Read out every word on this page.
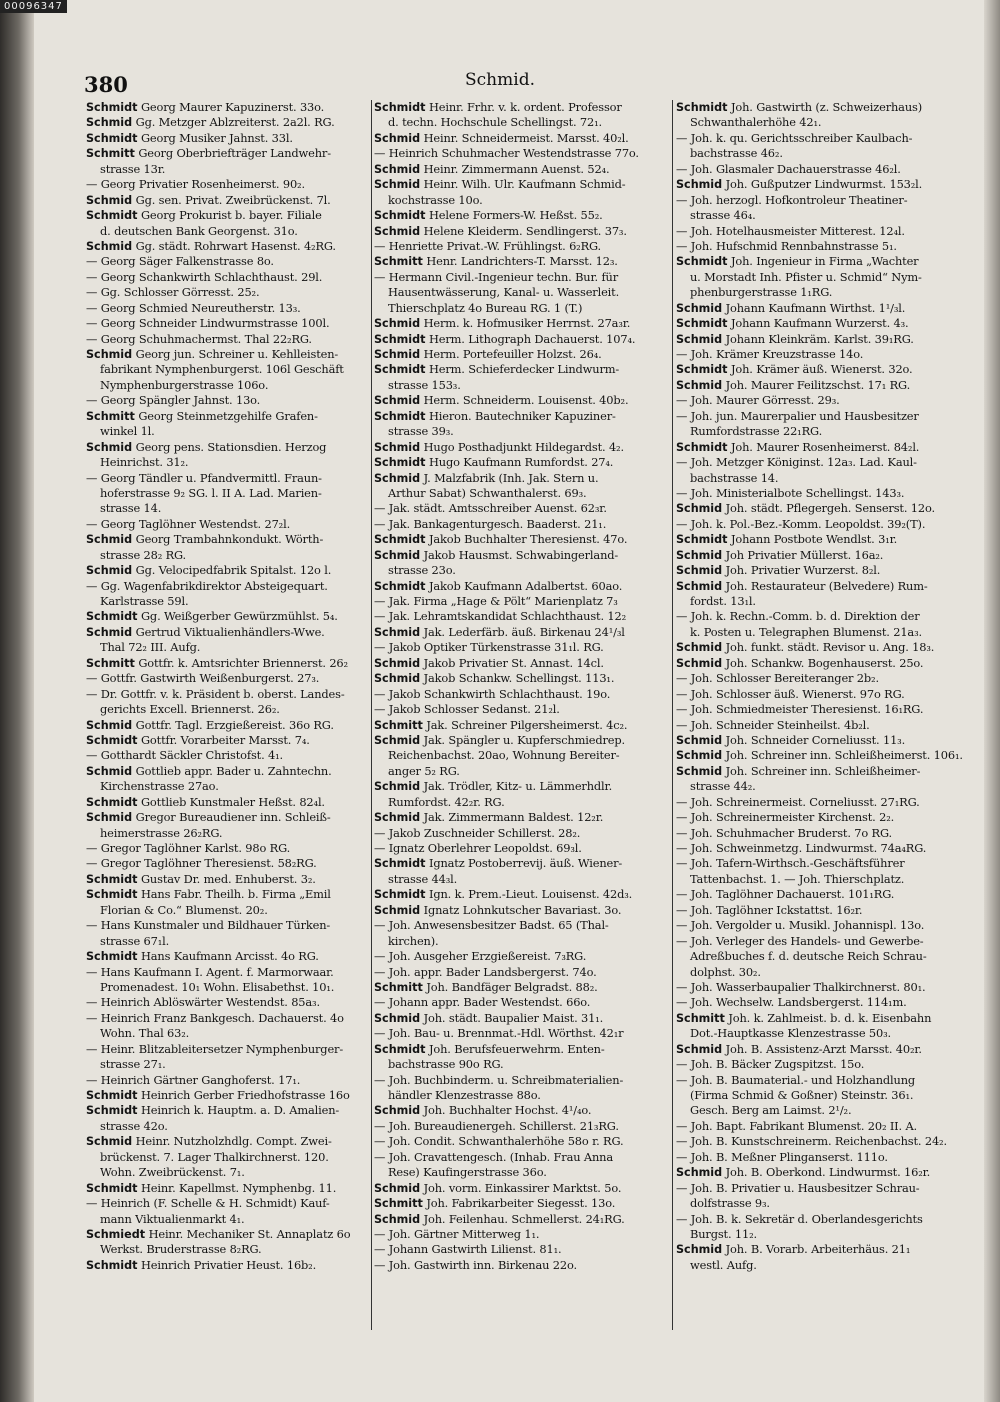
00096347
380	Schmid.
Schmidt Georg Maurer Kapuzinerst. 33o.
Schmid Gg. Metzger Ablzreiterst. 2a2l. RG.
Schmidt Georg Musiker Jahnst. 33l.
Schmitt Georg Oberbriefträger Landwehr-
strasse 13r.
— Georg Privatier Rosenheimerst. 90₂.
Schmid Gg. sen. Privat. Zweibrückenst. 7l.
Schmidt Georg Prokurist b. bayer. Filiale
d. deutschen Bank Georgenst. 31o.
Schmid Gg. städt. Rohrwart Hasenst. 4₂RG.
— Georg Säger Falkenstrasse 8o.
— Georg Schankwirth Schlachthaust. 29l.
— Gg. Schlosser Görresst. 25₂.
— Georg Schmied Neureutherstr. 13₃.
— Georg Schneider Lindwurmstrasse 100l.
— Georg Schuhmachermst. Thal 22₂RG.
Schmid Georg jun. Schreiner u. Kehlleisten-
fabrikant Nymphenburgerst. 106l Geschäft
Nymphenburgerstrasse 106o.
— Georg Spängler Jahnst. 13o.
Schmitt Georg Steinmetzgehilfe Grafen-
winkel 1l.
Schmid Georg pens. Stationsdien. Herzog
Heinrichst. 31₂.
— Georg Tändler u. Pfandvermittl. Fraun-
hoferstrasse 9₂ SG. l. II A. Lad. Marien-
strasse 14.
— Georg Taglöhner Westendst. 27₂l.
Schmid Georg Trambahnkondukt. Wörth-
strasse 28₂ RG.
Schmid Gg. Velocipedfabrik Spitalst. 12o l.
— Gg. Wagenfabrikdirektor Absteigequart.
Karlstrasse 59l.
Schmidt Gg. Weißgerber Gewürzmühlst. 5₄.
Schmid Gertrud Viktualienhändlers-Wwe.
Thal 72₂ III. Aufg.
Schmitt Gottfr. k. Amtsrichter Briennerst. 26₂
— Gottfr. Gastwirth Weißenburgerst. 27₃.
— Dr. Gottfr. v. k. Präsident b. oberst. Landes-
gerichts Excell. Briennerst. 26₂.
Schmid Gottfr. Tagl. Erzgießereist. 36o RG.
Schmidt Gottfr. Vorarbeiter Marsst. 7₄.
— Gotthardt Säckler Christofst. 4₁.
Schmid Gottlieb appr. Bader u. Zahntechn.
Kirchenstrasse 27ao.
Schmidt Gottlieb Kunstmaler Heßst. 82₄l.
Schmid Gregor Bureaudiener inn. Schleiß-
heimerstrasse 26₂RG.
— Gregor Taglöhner Karlst. 98o RG.
— Gregor Taglöhner Theresienst. 58₂RG.
Schmidt Gustav Dr. med. Enhuberst. 3₂.
Schmidt Hans Fabr. Theilh. b. Firma „Emil
Florian & Co.“ Blumenst. 20₂.
— Hans Kunstmaler und Bildhauer Türken-
strasse 67₁l.
Schmidt Hans Kaufmann Arcisst. 4o RG.
— Hans Kaufmann I. Agent. f. Marmorwaar.
Promenadest. 10₁ Wohn. Elisabethst. 10₁.
— Heinrich Ablöswärter Westendst. 85a₃.
— Heinrich Franz Bankgesch. Dachauerst. 4o
Wohn. Thal 63₂.
— Heinr. Blitzableitersetzer Nymphenburger-
strasse 27₁.
— Heinrich Gärtner Ganghoferst. 17₁.
Schmidt Heinrich Gerber Friedhofstrasse 16o
Schmidt Heinrich k. Hauptm. a. D. Amalien-
strasse 42o.
Schmid Heinr. Nutzholzhdlg. Compt. Zwei-
brückenst. 7. Lager Thalkirchnerst. 120.
Wohn. Zweibrückenst. 7₁.
Schmidt Heinr. Kapellmst. Nymphenbg. 11.
— Heinrich (F. Schelle & H. Schmidt) Kauf-
mann Viktualienmarkt 4₁.
Schmiedt Heinr. Mechaniker St. Annaplatz 6o
Werkst. Bruderstrasse 8₂RG.
Schmidt Heinrich Privatier Heust. 16b₂.
Schmidt Heinr. Frhr. v. k. ordent. Professor
d. techn. Hochschule Schellingst. 72₁.
Schmid Heinr. Schneidermeist. Marsst. 40₂l.
— Heinrich Schuhmacher Westendstrasse 77o.
Schmid Heinr. Zimmermann Auenst. 52₄.
Schmid Heinr. Wilh. Ulr. Kaufmann Schmid-
kochstrasse 10o.
Schmidt Helene Formers-W. Heßst. 55₂.
Schmid Helene Kleiderm. Sendlingerst. 37₃.
— Henriette Privat.-W. Frühlingst. 6₂RG.
Schmitt Henr. Landrichters-T. Marsst. 12₃.
— Hermann Civil.-Ingenieur techn. Bur. für
Hausentwässerung, Kanal- u. Wasserleit.
Thierschplatz 4o Bureau RG. 1 (T.)
Schmid Herm. k. Hofmusiker Herrnst. 27a₃r.
Schmidt Herm. Lithograph Dachauerst. 107₄.
Schmid Herm. Portefeuiller Holzst. 26₄.
Schmidt Herm. Schieferdecker Lindwurm-
strasse 153₃.
Schmid Herm. Schneiderm. Louisenst. 40b₂.
Schmidt Hieron. Bautechniker Kapuziner-
strasse 39₃.
Schmid Hugo Posthadjunkt Hildegardst. 4₂.
Schmidt Hugo Kaufmann Rumfordst. 27₄.
Schmid J. Malzfabrik (Inh. Jak. Stern u.
Arthur Sabat) Schwanthalerst. 69₃.
— Jak. städt. Amtsschreiber Auenst. 62₃r.
— Jak. Bankagenturgesch. Baaderst. 21₁.
Schmidt Jakob Buchhalter Theresienst. 47o.
Schmid Jakob Hausmst. Schwabingerland-
strasse 23o.
Schmidt Jakob Kaufmann Adalbertst. 60ao.
— Jak. Firma „Hage & Pölt“ Marienplatz 7₃
— Jak. Lehramtskandidat Schlachthaust. 12₂
Schmid Jak. Lederfärb. äuß. Birkenau 24¹/₃l
— Jakob Optiker Türkenstrasse 31₁l. RG.
Schmid Jakob Privatier St. Annast. 14cl.
Schmid Jakob Schankw. Schellingst. 113₁.
— Jakob Schankwirth Schlachthaust. 19o.
— Jakob Schlosser Sedanst. 21₂l.
Schmitt Jak. Schreiner Pilgersheimerst. 4c₂.
Schmid Jak. Spängler u. Kupferschmiedrep.
Reichenbachst. 20ao, Wohnung Bereiter-
anger 5₂ RG.
Schmid Jak. Trödler, Kitz- u. Lämmerhdlr.
Rumfordst. 42₂r. RG.
Schmid Jak. Zimmermann Baldest. 12₂r.
— Jakob Zuschneider Schillerst. 28₂.
— Ignatz Oberlehrer Leopoldst. 69₃l.
Schmidt Ignatz Postoberrevij. äuß. Wiener-
strasse 44₃l.
Schmidt Ign. k. Prem.-Lieut. Louisenst. 42d₃.
Schmid Ignatz Lohnkutscher Bavariast. 3o.
— Joh. Anwesensbesitzer Badst. 65 (Thal-
kirchen).
— Joh. Ausgeher Erzgießereist. 7₃RG.
— Joh. appr. Bader Landsbergerst. 74o.
Schmitt Joh. Bandfäger Belgradst. 88₂.
— Johann appr. Bader Westendst. 66o.
Schmid Joh. städt. Baupalier Maist. 31₁.
— Joh. Bau- u. Brennmat.-Hdl. Wörthst. 42₁r
Schmidt Joh. Berufsfeuerwehrm. Enten-
bachstrasse 90o RG.
— Joh. Buchbinderm. u. Schreibmaterialien-
händler Klenzestrasse 88o.
Schmid Joh. Buchhalter Hochst. 4¹/₄o.
— Joh. Bureaudienergeh. Schillerst. 21₃RG.
— Joh. Condit. Schwanthalerhöhe 58o r. RG.
— Joh. Cravattengesch. (Inhab. Frau Anna
Rese) Kaufingerstrasse 36o.
Schmid Joh. vorm. Einkassirer Marktst. 5o.
Schmitt Joh. Fabrikarbeiter Siegesst. 13o.
Schmid Joh. Feilenhau. Schmellerst. 24₁RG.
— Joh. Gärtner Mitterweg 1₁.
— Johann Gastwirth Lilienst. 81₁.
— Joh. Gastwirth inn. Birkenau 22o.
Schmidt Joh. Gastwirth (z. Schweizerhaus)
Schwanthalerhöhe 42₁.
— Joh. k. qu. Gerichtsschreiber Kaulbach-
bachstrasse 46₂.
— Joh. Glasmaler Dachauerstrasse 46₂l.
Schmid Joh. Gußputzer Lindwurmst. 153₂l.
— Joh. herzogl. Hofkontroleur Theatiner-
strasse 46₄.
— Joh. Hotelhausmeister Mitterest. 12₄l.
— Joh. Hufschmid Rennbahnstrasse 5₁.
Schmidt Joh. Ingenieur in Firma „Wachter
u. Morstadt Inh. Pfister u. Schmid“ Nym-
phenburgerstrasse 1₁RG.
Schmid Johann Kaufmann Wirthst. 1¹/₃l.
Schmidt Johann Kaufmann Wurzerst. 4₃.
Schmid Johann Kleinkräm. Karlst. 39₁RG.
— Joh. Krämer Kreuzstrasse 14o.
Schmidt Joh. Krämer äuß. Wienerst. 32o.
Schmid Joh. Maurer Feilitzschst. 17₁ RG.
— Joh. Maurer Görresst. 29₃.
— Joh. jun. Maurerpalier und Hausbesitzer
Rumfordstrasse 22₁RG.
Schmidt Joh. Maurer Rosenheimerst. 84₂l.
— Joh. Metzger Königinst. 12a₃. Lad. Kaul-
bachstrasse 14.
— Joh. Ministerialbote Schellingst. 143₃.
Schmid Joh. städt. Pflegergeh. Senserst. 12o.
— Joh. k. Pol.-Bez.-Komm. Leopoldst. 39₂(T).
Schmidt Johann Postbote Wendlst. 3₁r.
Schmid Joh Privatier Müllerst. 16a₂.
Schmid Joh. Privatier Wurzerst. 8₂l.
Schmid Joh. Restaurateur (Belvedere) Rum-
fordst. 13₁l.
— Joh. k. Rechn.-Comm. b. d. Direktion der
k. Posten u. Telegraphen Blumenst. 21a₃.
Schmid Joh. funkt. städt. Revisor u. Ang. 18₃.
Schmid Joh. Schankw. Bogenhauserst. 25o.
— Joh. Schlosser Bereiteranger 2b₂.
— Joh. Schlosser äuß. Wienerst. 97o RG.
— Joh. Schmiedmeister Theresienst. 16₁RG.
— Joh. Schneider Steinheilst. 4b₂l.
Schmid Joh. Schneider Corneliusst. 11₃.
Schmid Joh. Schreiner inn. Schleißheimerst. 106₁.
Schmid Joh. Schreiner inn. Schleißheimer-
strasse 44₂.
— Joh. Schreinermeist. Corneliusst. 27₁RG.
— Joh. Schreinermeister Kirchenst. 2₂.
— Joh. Schuhmacher Bruderst. 7o RG.
— Joh. Schweinmetzg. Lindwurmst. 74a₄RG.
— Joh. Tafern-Wirthsch.-Geschäftsführer
Tattenbachst. 1. — Joh. Thierschplatz.
— Joh. Taglöhner Dachauerst. 101₁RG.
— Joh. Taglöhner Ickstattst. 16₂r.
— Joh. Vergolder u. Musikl. Johannispl. 13o.
— Joh. Verleger des Handels- und Gewerbe-
Adreßbuches f. d. deutsche Reich Schrau-
dolphst. 30₂.
— Joh. Wasserbaupalier Thalkirchnerst. 80₁.
— Joh. Wechselw. Landsbergerst. 114₁m.
Schmitt Joh. k. Zahlmeist. b. d. k. Eisenbahn
Dot.-Hauptkasse Klenzestrasse 50₃.
Schmid Joh. B. Assistenz-Arzt Marsst. 40₂r.
— Joh. B. Bäcker Zugspitzst. 15o.
— Joh. B. Baumaterial.- und Holzhandlung
(Firma Schmid & Goßner) Steinstr. 36₁.
Gesch. Berg am Laimst. 2¹/₂.
— Joh. Bapt. Fabrikant Blumenst. 20₂ II. A.
— Joh. B. Kunstschreinerm. Reichenbachst. 24₂.
— Joh. B. Meßner Plinganserst. 111o.
Schmid Joh. B. Oberkond. Lindwurmst. 16₂r.
— Joh. B. Privatier u. Hausbesitzer Schrau-
dolfstrasse 9₃.
— Joh. B. k. Sekretär d. Oberlandesgerichts
Burgst. 11₂.
Schmid Joh. B. Vorarb. Arbeiterhäus. 21₁
westl. Aufg.
